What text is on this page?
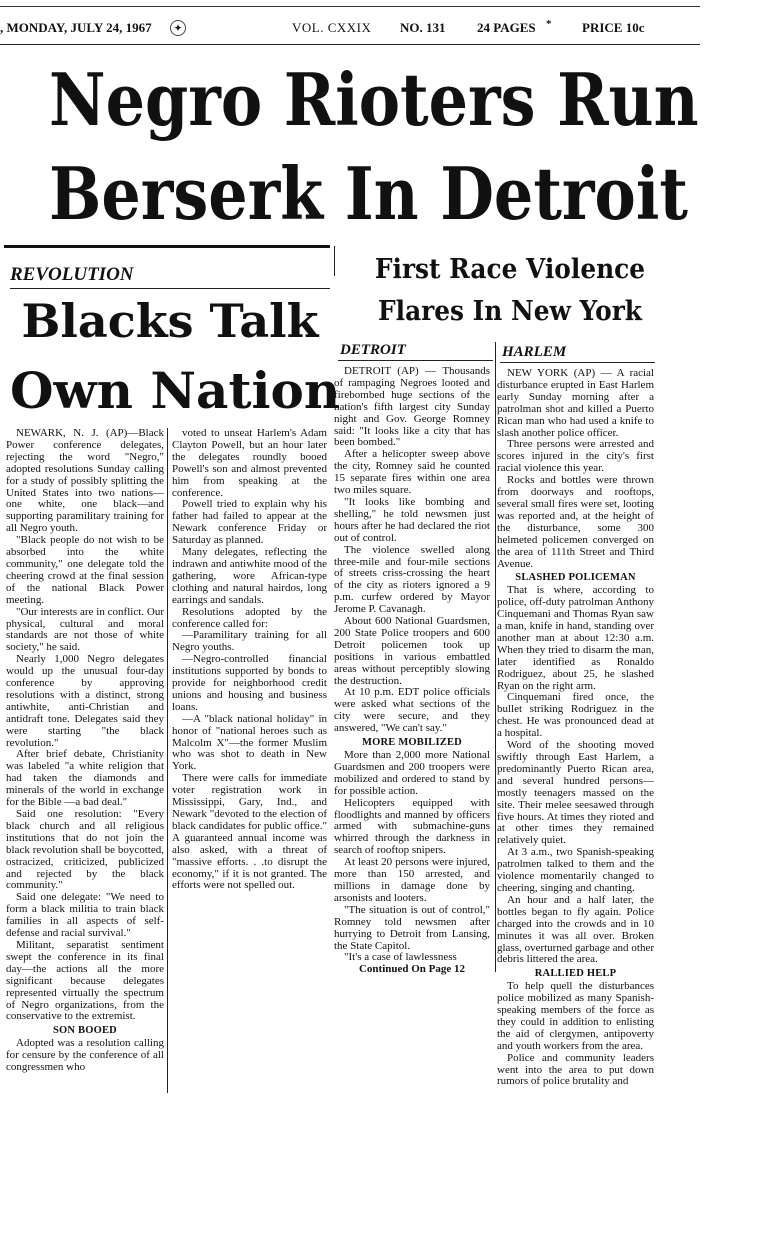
, MONDAY, JULY 24, 1967	✦	VOL. CXXIX NO. 131 24 PAGES * PRICE 10c
Negro Rioters Run
Berserk In Detroit
REVOLUTION
Blacks Talk
Own Nation

NEWARK, N. J. (AP)—Black Power conference delegates, rejecting the word "Negro," adopted resolutions Sunday calling for a study of possibly splitting the United States into two nations—one white, one black—and supporting paramilitary training for all Negro youth.

"Black people do not wish to be absorbed into the white community," one delegate told the cheering crowd at the final session of the national Black Power meeting.

"Our interests are in conflict. Our physical, cultural and moral standards are not those of white society," he said.

Nearly 1,000 Negro delegates would up the unusual four-day conference by approving resolutions with a distinct, strong antiwhite, anti-Christian and antidraft tone. Delegates said they were starting "the black revolution."

After brief debate, Christianity was labeled "a white religion that had taken the diamonds and minerals of the world in exchange for the Bible —a bad deal."

Said one resolution: "Every black church and all religious institutions that do not join the black revolution shall be boycotted, ostracized, criticized, publicized and rejected by the black community."

Said one delegate: "We need to form a black militia to train black families in all aspects of self-defense and racial survival."

Militant, separatist sentiment swept the conference in its final day—the actions all the more significant because delegates represented virtually the spectrum of Negro organizations, from the conservative to the extremist.

SON BOOED

Adopted was a resolution calling for censure by the conference of all congressmen who

voted to unseat Harlem's Adam Clayton Powell, but an hour later the delegates roundly booed Powell's son and almost prevented him from speaking at the conference.

Powell tried to explain why his father had failed to appear at the Newark conference Friday or Saturday as planned.

Many delegates, reflecting the indrawn and antiwhite mood of the gathering, wore African-type clothing and natural hairdos, long earrings and sandals.

Resolutions adopted by the conference called for:

—Paramilitary training for all Negro youths.

—Negro-controlled financial institutions supported by bonds to provide for neighborhood credit unions and housing and business loans.

—A "black national holiday" in honor of "national heroes such as Malcolm X"—the former Muslim who was shot to death in New York.

There were calls for immediate voter registration work in Mississippi, Gary, Ind., and Newark "devoted to the election of black candidates for public office." A guaranteed annual income was also asked, with a threat of "massive efforts. . .to disrupt the economy," if it is not granted. The efforts were not spelled out.

First Race Violence
Flares In New York
DETROIT

DETROIT (AP) — Thousands of rampaging Negroes looted and firebombed huge sections of the nation's fifth largest city Sunday night and Gov. George Romney said: "It looks like a city that has been bombed."

After a helicopter sweep above the city, Romney said he counted 15 separate fires within one area two miles square.

"It looks like bombing and shelling," he told newsmen just hours after he had declared the riot out of control.

The violence swelled along three-mile and four-mile sections of streets criss-crossing the heart of the city as rioters ignored a 9 p.m. curfew ordered by Mayor Jerome P. Cavanagh.

About 600 National Guardsmen, 200 State Police troopers and 600 Detroit policemen took up positions in various embattled areas without perceptibly slowing the destruction.

At 10 p.m. EDT police officials were asked what sections of the city were secure, and they answered, "We can't say."

MORE MOBILIZED

More than 2,000 more National Guardsmen and 200 troopers were mobilized and ordered to stand by for possible action.

Helicopters equipped with floodlights and manned by officers armed with submachine-guns whirred through the darkness in search of rooftop snipers.

At least 20 persons were injured, more than 150 arrested, and millions in damage done by arsonists and looters.

"The situation is out of control," Romney told newsmen after hurrying to Detroit from Lansing, the State Capitol.

"It's a case of lawlessness

Continued On Page 12

HARLEM

NEW YORK (AP) — A racial disturbance erupted in East Harlem early Sunday morning after a patrolman shot and killed a Puerto Rican man who had used a knife to slash another police officer.

Three persons were arrested and scores injured in the city's first racial violence this year.

Rocks and bottles were thrown from doorways and rooftops, several small fires were set, looting was reported and, at the height of the disturbance, some 300 helmeted policemen converged on the area of 111th Street and Third Avenue.

SLASHED POLICEMAN

That is where, according to police, off-duty patrolman Anthony Cinquemani and Thomas Ryan saw a man, knife in hand, standing over another man at about 12:30 a.m. When they tried to disarm the man, later identified as Ronaldo Rodriguez, about 25, he slashed Ryan on the right arm.

Cinquemani fired once, the bullet striking Rodriguez in the chest. He was pronounced dead at a hospital.

Word of the shooting moved swiftly through East Harlem, a predominantly Puerto Rican area, and several hundred persons—mostly teenagers massed on the site. Their melee seesawed through five hours. At times they rioted and at other times they remained relatively quiet.

At 3 a.m., two Spanish-speaking patrolmen talked to them and the violence momentarily changed to cheering, singing and chanting.

An hour and a half later, the bottles began to fly again. Police charged into the crowds and in 10 minutes it was all over. Broken glass, overturned garbage and other debris littered the area.

RALLIED HELP

To help quell the disturbances police mobilized as many Spanish-speaking members of the force as they could in addition to enlisting the aid of clergymen, antipoverty and youth workers from the area.

Police and community leaders went into the area to put down rumors of police brutality and
